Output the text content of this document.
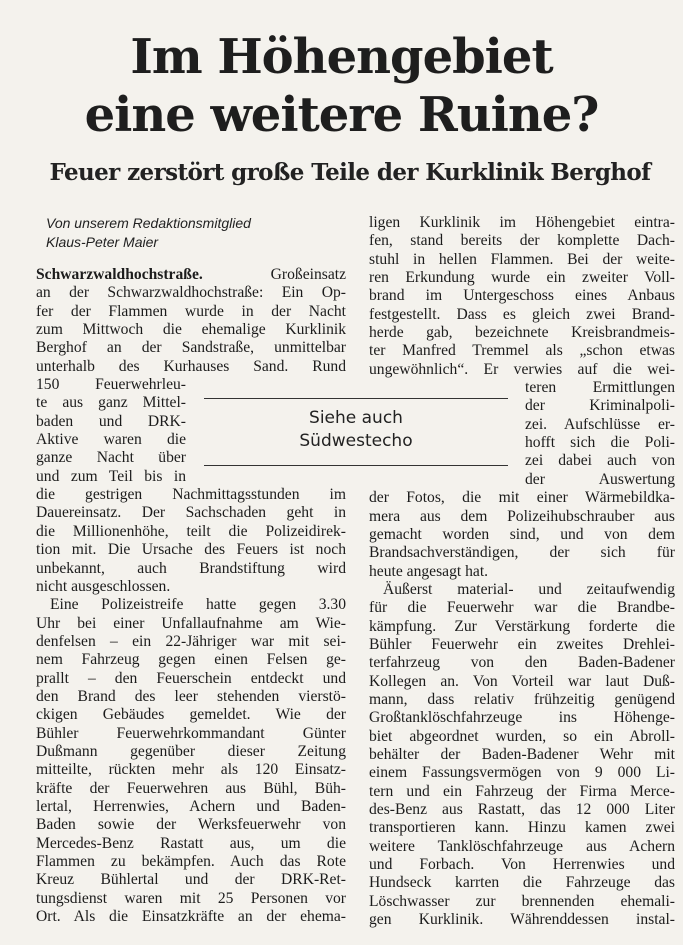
Im Höhengebiet
eine weitere Ruine?
Feuer zerstört große Teile der Kurklinik Berghof
Von unserem Redaktionsmitglied
Klaus-Peter Maier
Schwarzwaldhochstraße. Großeinsatz
an der Schwarzwaldhochstraße: Ein Op-
fer der Flammen wurde in der Nacht
zum Mittwoch die ehemalige Kurklinik
Berghof an der Sandstraße, unmittelbar
unterhalb des Kurhauses Sand. Rund
150 Feuerwehrleu-
te aus ganz Mittel-
baden und DRK-
Aktive waren die
ganze Nacht über
und zum Teil bis in
die gestrigen Nachmittagsstunden im
Dauereinsatz. Der Sachschaden geht in
die Millionenhöhe, teilt die Polizeidirek-
tion mit. Die Ursache des Feuers ist noch
unbekannt, auch Brandstiftung wird
nicht ausgeschlossen.
Eine Polizeistreife hatte gegen 3.30
Uhr bei einer Unfallaufnahme am Wie-
denfelsen – ein 22-Jähriger war mit sei-
nem Fahrzeug gegen einen Felsen ge-
prallt – den Feuerschein entdeckt und
den Brand des leer stehenden vierstö-
ckigen Gebäudes gemeldet. Wie der
Bühler Feuerwehrkommandant Günter
Dußmann gegenüber dieser Zeitung
mitteilte, rückten mehr als 120 Einsatz-
kräfte der Feuerwehren aus Bühl, Büh-
lertal, Herrenwies, Achern und Baden-
Baden sowie der Werksfeuerwehr von
Mercedes-Benz Rastatt aus, um die
Flammen zu bekämpfen. Auch das Rote
Kreuz Bühlertal und der DRK-Ret-
tungsdienst waren mit 25 Personen vor
Ort. Als die Einsatzkräfte an der ehema-
ligen Kurklinik im Höhengebiet eintra-
fen, stand bereits der komplette Dach-
stuhl in hellen Flammen. Bei der weite-
ren Erkundung wurde ein zweiter Voll-
brand im Untergeschoss eines Anbaus
festgestellt. Dass es gleich zwei Brand-
herde gab, bezeichnete Kreisbrandmeis-
ter Manfred Tremmel als „schon etwas
ungewöhnlich“. Er verwies auf die wei-
teren Ermittlungen
der Kriminalpoli-
zei. Aufschlüsse er-
hofft sich die Poli-
zei dabei auch von
der Auswertung
der Fotos, die mit einer Wärmebildka-
mera aus dem Polizeihubschrauber aus
gemacht worden sind, und von dem
Brandsachverständigen, der sich für
heute angesagt hat.
Äußerst material- und zeitaufwendig
für die Feuerwehr war die Brandbe-
kämpfung. Zur Verstärkung forderte die
Bühler Feuerwehr ein zweites Drehlei-
terfahrzeug von den Baden-Badener
Kollegen an. Von Vorteil war laut Duß-
mann, dass relativ frühzeitig genügend
Großtanklöschfahrzeuge ins Höhenge-
biet abgeordnet wurden, so ein Abroll-
behälter der Baden-Badener Wehr mit
einem Fassungsvermögen von 9 000 Li-
tern und ein Fahrzeug der Firma Merce-
des-Benz aus Rastatt, das 12 000 Liter
transportieren kann. Hinzu kamen zwei
weitere Tanklöschfahrzeuge aus Achern
und Forbach. Von Herrenwies und
Hundseck karrten die Fahrzeuge das
Löschwasser zur brennenden ehemali-
gen Kurklinik. Währenddessen instal-
Siehe auch
Südwestecho
